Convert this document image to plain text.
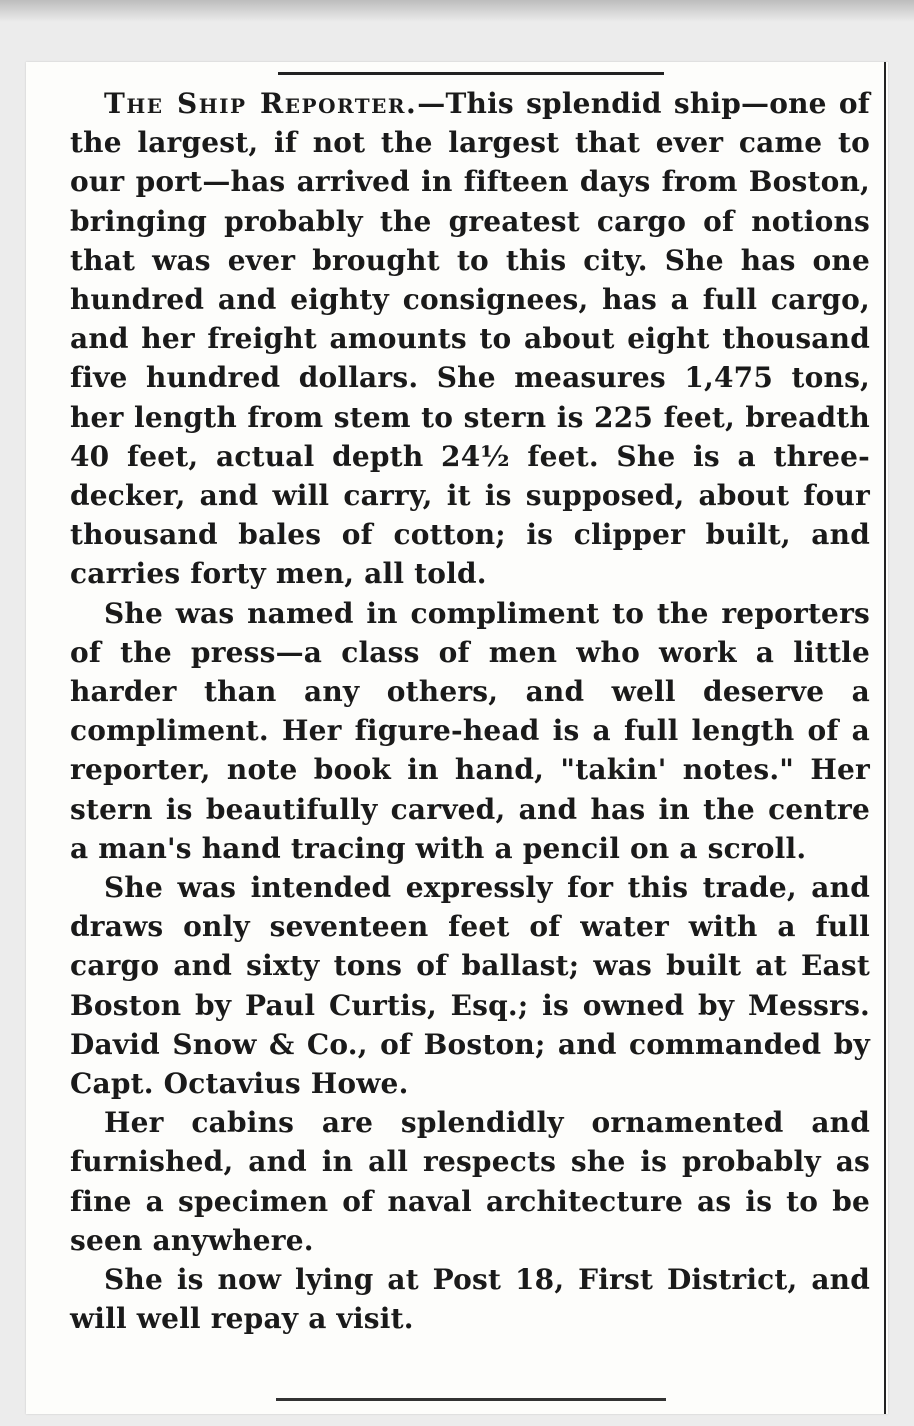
The Ship Reporter.—This splendid ship—one of the largest, if not the largest that ever came to our port—has arrived in fifteen days from Boston, bringing probably the greatest cargo of notions that was ever brought to this city. She has one hundred and eighty consignees, has a full cargo, and her freight amounts to about eight thousand five hundred dollars. She measures 1,475 tons, her length from stem to stern is 225 feet, breadth 40 feet, actual depth 24½ feet. She is a three-decker, and will carry, it is supposed, about four thousand bales of cotton; is clipper built, and carries forty men, all told.

She was named in compliment to the reporters of the press—a class of men who work a little harder than any others, and well deserve a compliment. Her figure-head is a full length of a reporter, note book in hand, "takin' notes." Her stern is beautifully carved, and has in the centre a man's hand tracing with a pencil on a scroll.

She was intended expressly for this trade, and draws only seventeen feet of water with a full cargo and sixty tons of ballast; was built at East Boston by Paul Curtis, Esq.; is owned by Messrs. David Snow & Co., of Boston; and commanded by Capt. Octavius Howe.

Her cabins are splendidly ornamented and furnished, and in all respects she is probably as fine a specimen of naval architecture as is to be seen anywhere.

She is now lying at Post 18, First District, and will well repay a visit.
